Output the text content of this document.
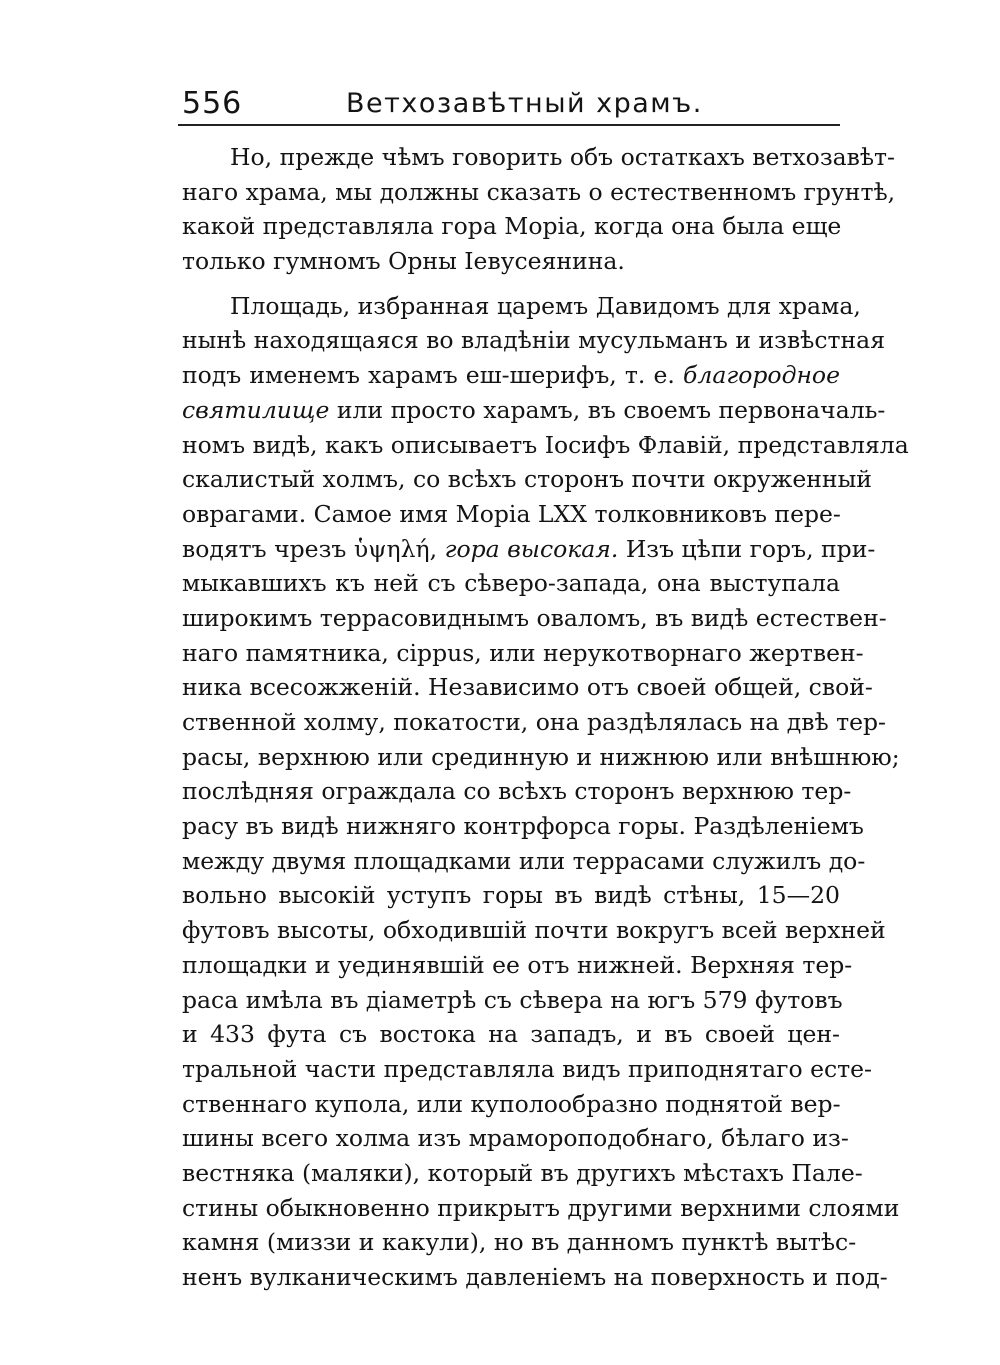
556	Ветхозавѣтный храмъ.
Но, прежде чѣмъ говорить объ остаткахъ ветхозавѣт-
наго храма, мы должны сказать о естественномъ грунтѣ,
какой представляла гора Морiа, когда она была еще
только гумномъ Орны Iевусеянина.
Площадь, избранная царемъ Давидомъ для храма,
нынѣ находящаяся во владѣнiи мусульманъ и извѣстная
подъ именемъ харамъ еш-шерифъ, т. е. благородное
святилище или просто харамъ, въ своемъ первоначаль-
номъ видѣ, какъ описываетъ Iосифъ Флавiй, представляла
скалистый холмъ, со всѣхъ сторонъ почти окруженный
оврагами. Самое имя Морiа LXX толковниковъ пере-
водятъ чрезъ ὑψηλή, гора высокая. Изъ цѣпи горъ, при-
мыкавшихъ къ ней съ сѣверо-запада, она выступала
широкимъ террасовиднымъ оваломъ, въ видѣ естествен-
наго памятника, cippus, или нерукотворнаго жертвен-
ника всесожженiй. Независимо отъ своей общей, свой-
ственной холму, покатости, она раздѣлялась на двѣ тер-
расы, верхнюю или срединную и нижнюю или внѣшнюю;
послѣдняя ограждала со всѣхъ сторонъ верхнюю тер-
расу въ видѣ нижняго контрфорса горы. Раздѣленiемъ
между двумя площадками или террасами служилъ до-
вольно высокiй уступъ горы въ видѣ стѣны, 15—20
футовъ высоты, обходившiй почти вокругъ всей верхней
площадки и уединявшiй ее отъ нижней. Верхняя тер-
раса имѣла въ дiаметрѣ съ сѣвера на югъ 579 футовъ
и 433 фута съ востока на западъ, и въ своей цен-
тральной части представляла видъ приподнятаго есте-
ственнаго купола, или куполообразно поднятой вер-
шины всего холма изъ мраморoподобнаго, бѣлаго из-
вестняка (маляки), который въ другихъ мѣстахъ Пале-
стины обыкновенно прикрытъ другими верхними слоями
камня (миззи и какули), но въ данномъ пунктѣ вытѣс-
ненъ вулканическимъ давленiемъ на поверхность и под-
